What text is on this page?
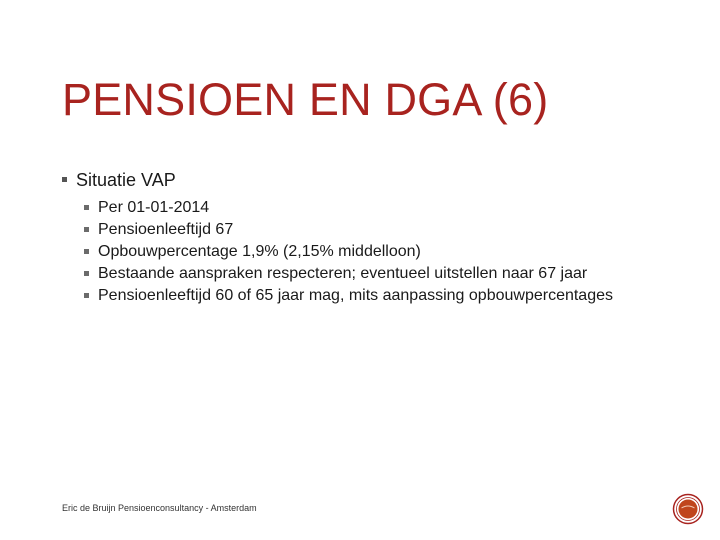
PENSIOEN EN DGA (6)
Situatie VAP
Per 01-01-2014
Pensioenleeftijd 67
Opbouwpercentage 1,9% (2,15% middelloon)
Bestaande aanspraken respecteren; eventueel uitstellen naar 67 jaar
Pensioenleeftijd 60 of 65 jaar mag, mits aanpassing opbouwpercentages
Eric de Bruijn Pensioenconsultancy - Amsterdam
